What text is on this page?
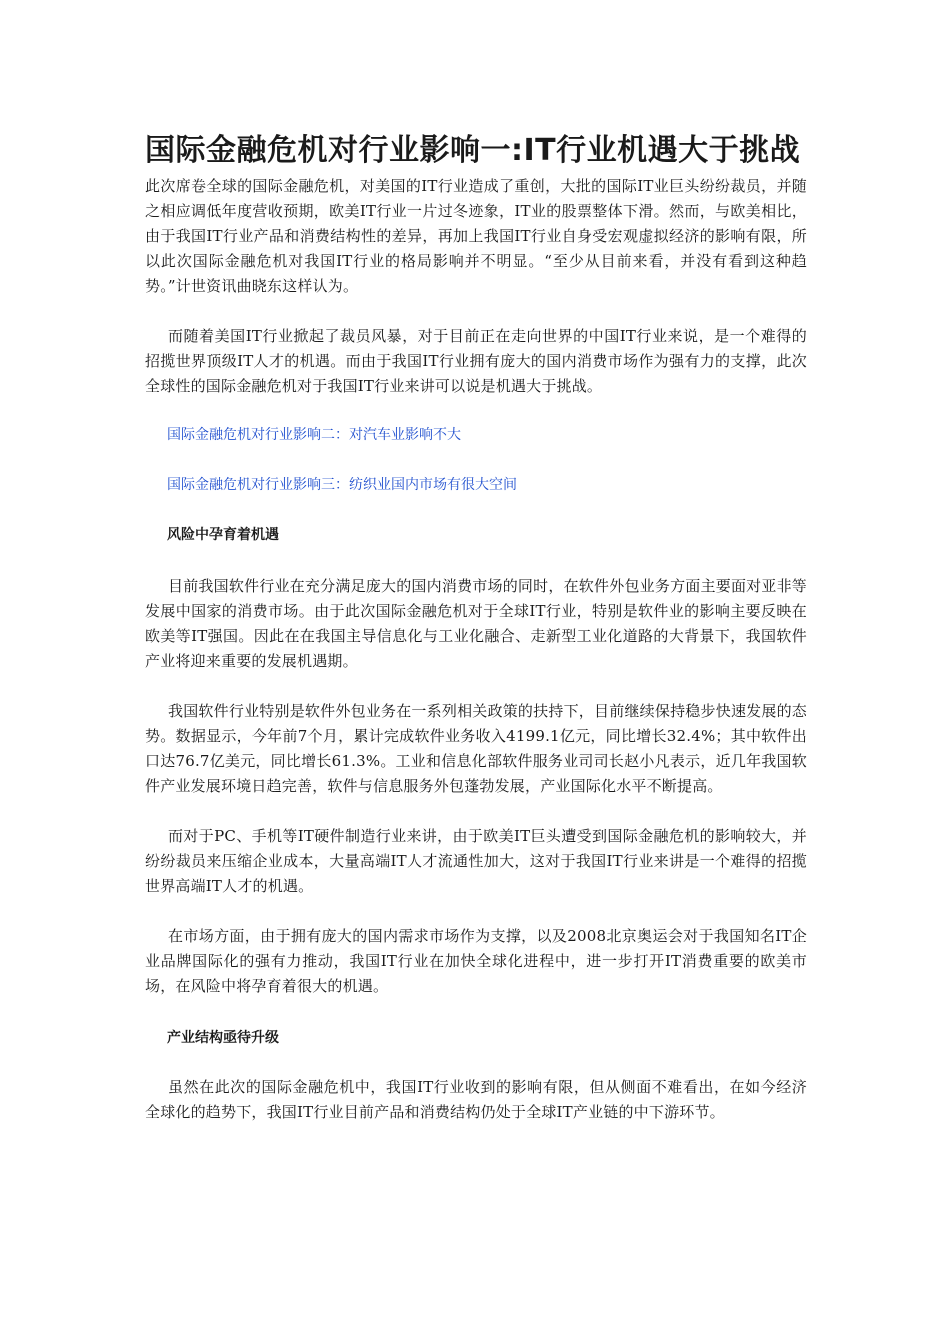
国际金融危机对行业影响一:IT行业机遇大于挑战

此次席卷全球的国际金融危机，对美国的IT行业造成了重创，大批的国际IT业巨头纷纷裁员，并随之相应调低年度营收预期，欧美IT行业一片过冬迹象，IT业的股票整体下滑。然而，与欧美相比，由于我国IT行业产品和消费结构性的差异，再加上我国IT行业自身受宏观虚拟经济的影响有限，所以此次国际金融危机对我国IT行业的格局影响并不明显。“至少从目前来看，并没有看到这种趋势。”计世资讯曲晓东这样认为。

而随着美国IT行业掀起了裁员风暴，对于目前正在走向世界的中国IT行业来说，是一个难得的招揽世界顶级IT人才的机遇。而由于我国IT行业拥有庞大的国内消费市场作为强有力的支撑，此次全球性的国际金融危机对于我国IT行业来讲可以说是机遇大于挑战。

国际金融危机对行业影响二：对汽车业影响不大
国际金融危机对行业影响三：纺织业国内市场有很大空间

风险中孕育着机遇

目前我国软件行业在充分满足庞大的国内消费市场的同时，在软件外包业务方面主要面对亚非等发展中国家的消费市场。由于此次国际金融危机对于全球IT行业，特别是软件业的影响主要反映在欧美等IT强国。因此在在我国主导信息化与工业化融合、走新型工业化道路的大背景下，我国软件产业将迎来重要的发展机遇期。

我国软件行业特别是软件外包业务在一系列相关政策的扶持下，目前继续保持稳步快速发展的态势。数据显示，今年前7个月，累计完成软件业务收入4199.1亿元，同比增长32.4%；其中软件出口达76.7亿美元，同比增长61.3%。工业和信息化部软件服务业司司长赵小凡表示，近几年我国软件产业发展环境日趋完善，软件与信息服务外包蓬勃发展，产业国际化水平不断提高。

而对于PC、手机等IT硬件制造行业来讲，由于欧美IT巨头遭受到国际金融危机的影响较大，并纷纷裁员来压缩企业成本，大量高端IT人才流通性加大，这对于我国IT行业来讲是一个难得的招揽世界高端IT人才的机遇。

在市场方面，由于拥有庞大的国内需求市场作为支撑，以及2008北京奥运会对于我国知名IT企业品牌国际化的强有力推动，我国IT行业在加快全球化进程中，进一步打开IT消费重要的欧美市场，在风险中将孕育着很大的机遇。

产业结构亟待升级

虽然在此次的国际金融危机中，我国IT行业收到的影响有限，但从侧面不难看出，在如今经济全球化的趋势下，我国IT行业目前产品和消费结构仍处于全球IT产业链的中下游环节。
